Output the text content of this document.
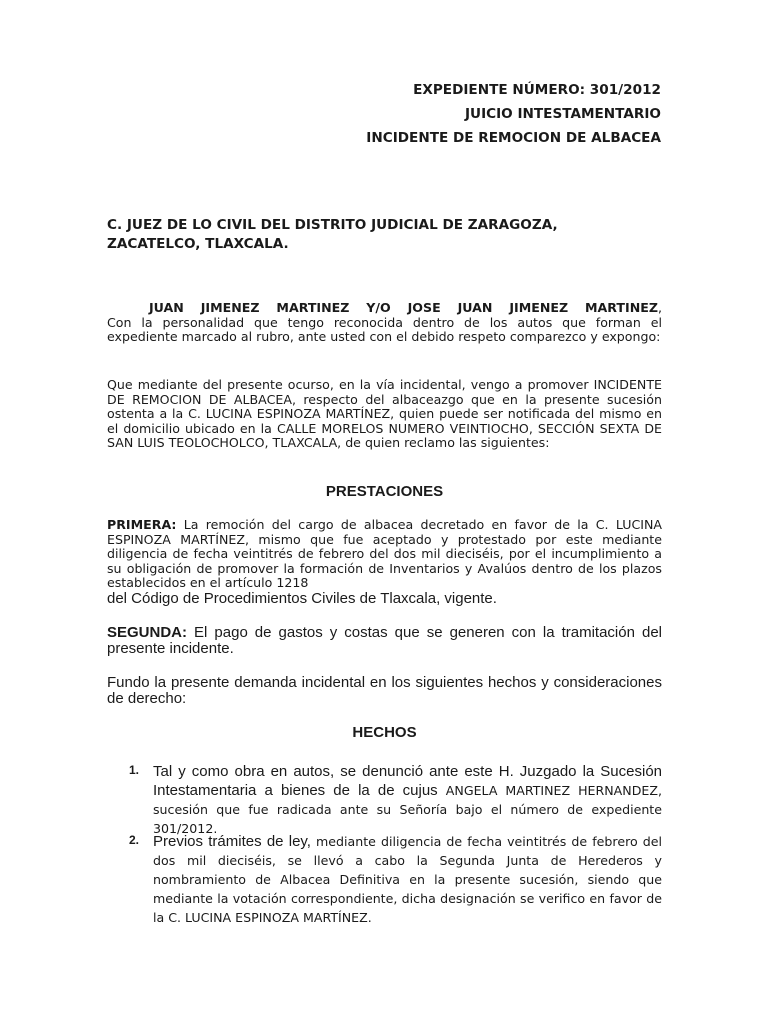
EXPEDIENTE NÚMERO: 301/2012
JUICIO INTESTAMENTARIO
INCIDENTE DE REMOCION DE ALBACEA
C. JUEZ DE LO CIVIL DEL DISTRITO JUDICIAL DE ZARAGOZA,
ZACATELCO, TLAXCALA.
JUAN JIMENEZ MARTINEZ Y/O JOSE JUAN JIMENEZ MARTINEZ, Con la personalidad que tengo reconocida dentro de los autos que forman el expediente marcado al rubro, ante usted con el debido respeto comparezco y expongo:
Que mediante del presente ocurso, en la vía incidental, vengo a promover INCIDENTE DE REMOCION DE ALBACEA, respecto del albaceazgo que en la presente sucesión ostenta a la C. LUCINA ESPINOZA MARTÍNEZ, quien puede ser notificada del mismo en el domicilio ubicado en la CALLE MORELOS NUMERO VEINTIOCHO, SECCIÓN SEXTA DE SAN LUIS TEOLOCHOLCO, TLAXCALA, de quien reclamo las siguientes:
PRESTACIONES
PRIMERA: La remoción del cargo de albacea decretado en favor de la C. LUCINA ESPINOZA MARTÍNEZ, mismo que fue aceptado y protestado por este mediante diligencia de fecha veintitrés de febrero del dos mil dieciséis, por el incumplimiento a su obligación de promover la formación de Inventarios y Avalúos dentro de los plazos establecidos en el artículo 1218
del Código de Procedimientos Civiles de Tlaxcala, vigente.
SEGUNDA: El pago de gastos y costas que se generen con la tramitación del presente incidente.
Fundo la presente demanda incidental en los siguientes hechos y consideraciones de derecho:
HECHOS
1. Tal y como obra en autos, se denunció ante este H. Juzgado la Sucesión Intestamentaria a bienes de la de cujus ANGELA MARTINEZ HERNANDEZ, sucesión que fue radicada ante su Señoría bajo el número de expediente 301/2012.
2. Previos trámites de ley, mediante diligencia de fecha veintitrés de febrero del dos mil dieciséis, se llevó a cabo la Segunda Junta de Herederos y nombramiento de Albacea Definitiva en la presente sucesión, siendo que mediante la votación correspondiente, dicha designación se verifico en favor de la C. LUCINA ESPINOZA MARTÍNEZ.
